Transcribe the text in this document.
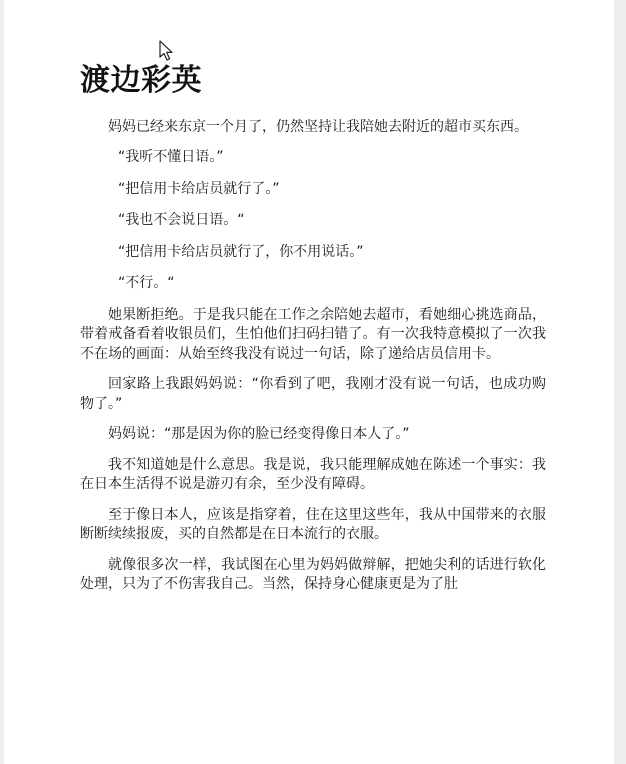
渡边彩英

妈妈已经来东京一个月了，仍然坚持让我陪她去附近的超市买东西。

“我听不懂日语。”

“把信用卡给店员就行了。”

“我也不会说日语。“

“把信用卡给店员就行了，你不用说话。”

“不行。“

她果断拒绝。于是我只能在工作之余陪她去超市，看她细心挑选商品，带着戒备看着收银员们，生怕他们扫码扫错了。有一次我特意模拟了一次我不在场的画面：从始至终我没有说过一句话，除了递给店员信用卡。

回家路上我跟妈妈说：“你看到了吧，我刚才没有说一句话，也成功购物了。”

妈妈说：“那是因为你的脸已经变得像日本人了。”

我不知道她是什么意思。我是说，我只能理解成她在陈述一个事实：我在日本生活得不说是游刃有余，至少没有障碍。

至于像日本人，应该是指穿着，住在这里这些年，我从中国带来的衣服断断续续报废，买的自然都是在日本流行的衣服。

就像很多次一样，我试图在心里为妈妈做辩解，把她尖利的话进行软化处理，只为了不伤害我自己。当然，保持身心健康更是为了肚
